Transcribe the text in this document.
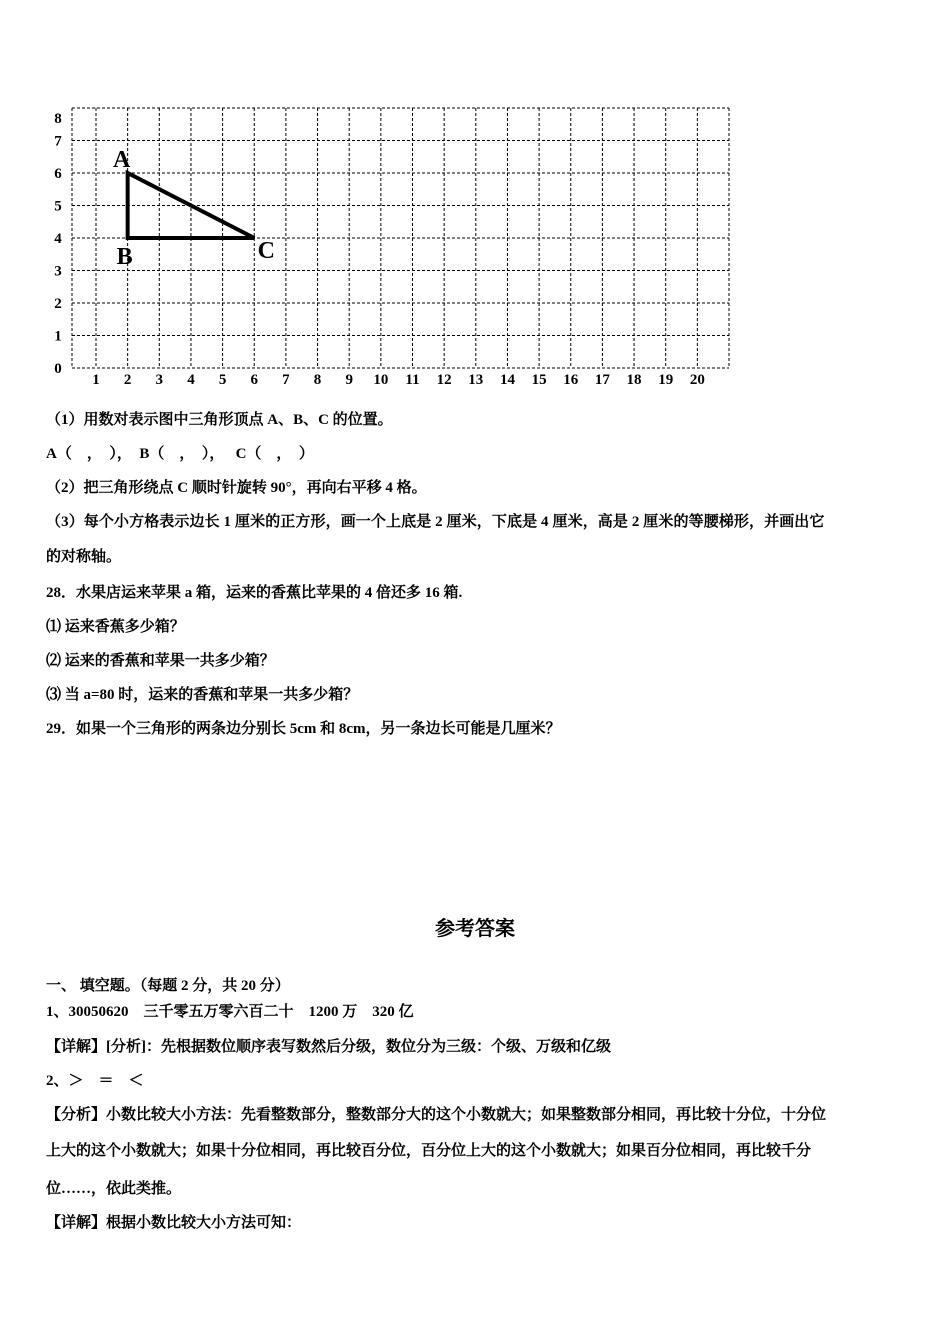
1 2 3 4 5 6 7 8 9 10 11 12 13 14 15 16 17 18 19 20
0
1
2
3
4
5
6
7
8
A
B	C
（1）用数对表示图中三角形顶点 A、B、C 的位置。
A（　，　），　B（　，　），　 C（　，　）
（2）把三角形绕点 C 顺时针旋转 90°，再向右平移 4 格。
（3）每个小方格表示边长 1 厘米的正方形，画一个上底是 2 厘米，下底是 4 厘米，高是 2 厘米的等腰梯形，并画出它
的对称轴。
28．水果店运来苹果 a 箱，运来的香蕉比苹果的 4 倍还多 16 箱.
⑴ 运来香蕉多少箱？
⑵ 运来的香蕉和苹果一共多少箱？
⑶ 当 a=80 时，运来的香蕉和苹果一共多少箱？
29．如果一个三角形的两条边分别长 5cm 和 8cm，另一条边长可能是几厘米？
参考答案
一、 填空题。（每题 2 分，共 20 分）
1、30050620　三千零五万零六百二十　1200 万　320 亿
【详解】[分析]：先根据数位顺序表写数然后分级，数位分为三级：个级、万级和亿级
2、＞　＝　＜
【分析】小数比较大小方法：先看整数部分，整数部分大的这个小数就大；如果整数部分相同，再比较十分位，十分位
上大的这个小数就大；如果十分位相同，再比较百分位，百分位上大的这个小数就大；如果百分位相同，再比较千分
位……，依此类推。
【详解】根据小数比较大小方法可知：
